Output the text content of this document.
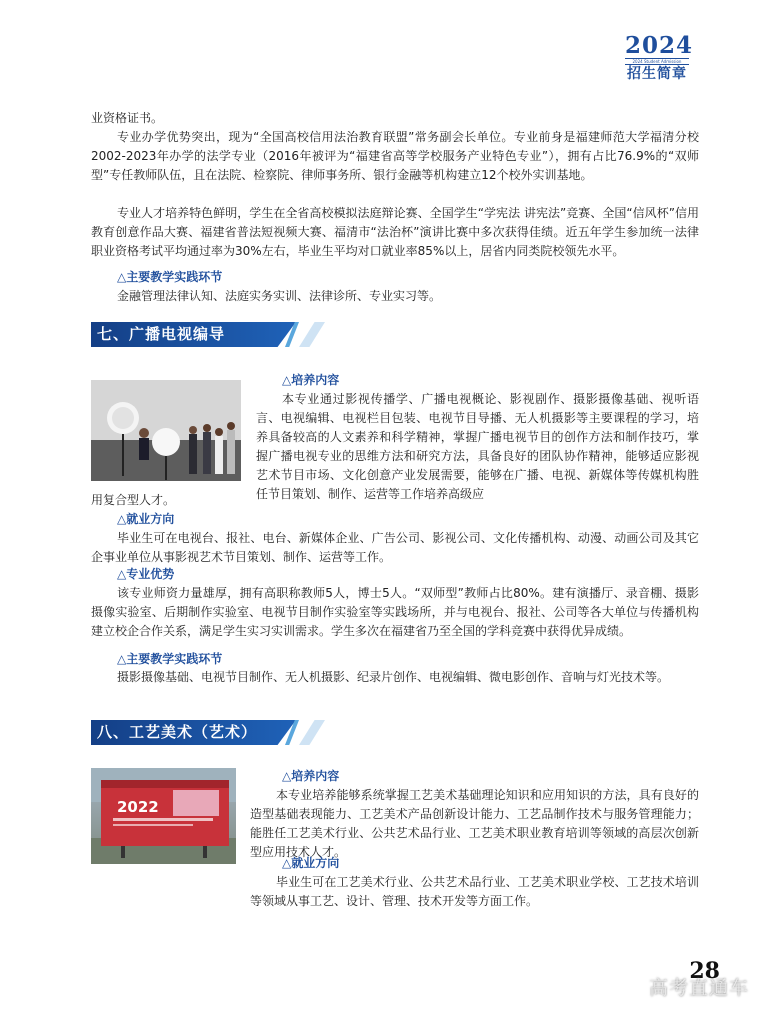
2024
2024 Student Admission
招生简章

业资格证书。

专业办学优势突出，现为“全国高校信用法治教育联盟”常务副会长单位。专业前身是福建师范大学福清分校2002-2023年办学的法学专业（2016年被评为“福建省高等学校服务产业特色专业”），拥有占比76.9%的“双师型”专任教师队伍，且在法院、检察院、律师事务所、银行金融等机构建立12个校外实训基地。

专业人才培养特色鲜明，学生在全省高校模拟法庭辩论赛、全国学生“学宪法 讲宪法”竞赛、全国“信风杯”信用教育创意作品大赛、福建省普法短视频大赛、福清市“法治杯”演讲比赛中多次获得佳绩。近五年学生参加统一法律职业资格考试平均通过率为30%左右，毕业生平均对口就业率85%以上，居省内同类院校领先水平。

△主要教学实践环节

金融管理法律认知、法庭实务实训、法律诊所、专业实习等。

七、广播电视编导

△培养内容

本专业通过影视传播学、广播电视概论、影视剧作、摄影摄像基础、视听语言、电视编辑、电视栏目包装、电视节目导播、无人机摄影等主要课程的学习，培养具备较高的人文素养和科学精神，掌握广播电视节目的创作方法和制作技巧，掌握广播电视专业的思维方法和研究方法，具备良好的团队协作精神，能够适应影视艺术节目市场、文化创意产业发展需要，能够在广播、电视、新媒体等传媒机构胜任节目策划、制作、运营等工作培养高级应

用复合型人才。

△就业方向

毕业生可在电视台、报社、电台、新媒体企业、广告公司、影视公司、文化传播机构、动漫、动画公司及其它企事业单位从事影视艺术节目策划、制作、运营等工作。

△专业优势

该专业师资力量雄厚，拥有高职称教师5人，博士5人。“双师型”教师占比80%。建有演播厅、录音棚、摄影摄像实验室、后期制作实验室、电视节目制作实验室等实践场所，并与电视台、报社、公司等各大单位与传播机构建立校企合作关系，满足学生实习实训需求。学生多次在福建省乃至全国的学科竞赛中获得优异成绩。

△主要教学实践环节

摄影摄像基础、电视节目制作、无人机摄影、纪录片创作、电视编辑、微电影创作、音响与灯光技术等。

八、工艺美术（艺术）
2022

△培养内容

本专业培养能够系统掌握工艺美术基础理论知识和应用知识的方法，具有良好的造型基础表现能力、工艺美术产品创新设计能力、工艺品制作技术与服务管理能力；能胜任工艺美术行业、公共艺术品行业、工艺美术职业教育培训等领域的高层次创新型应用技术人才。

△就业方向

毕业生可在工艺美术行业、公共艺术品行业、工艺美术职业学校、工艺技术培训等领域从事工艺、设计、管理、技术开发等方面工作。

28
高考直通车
